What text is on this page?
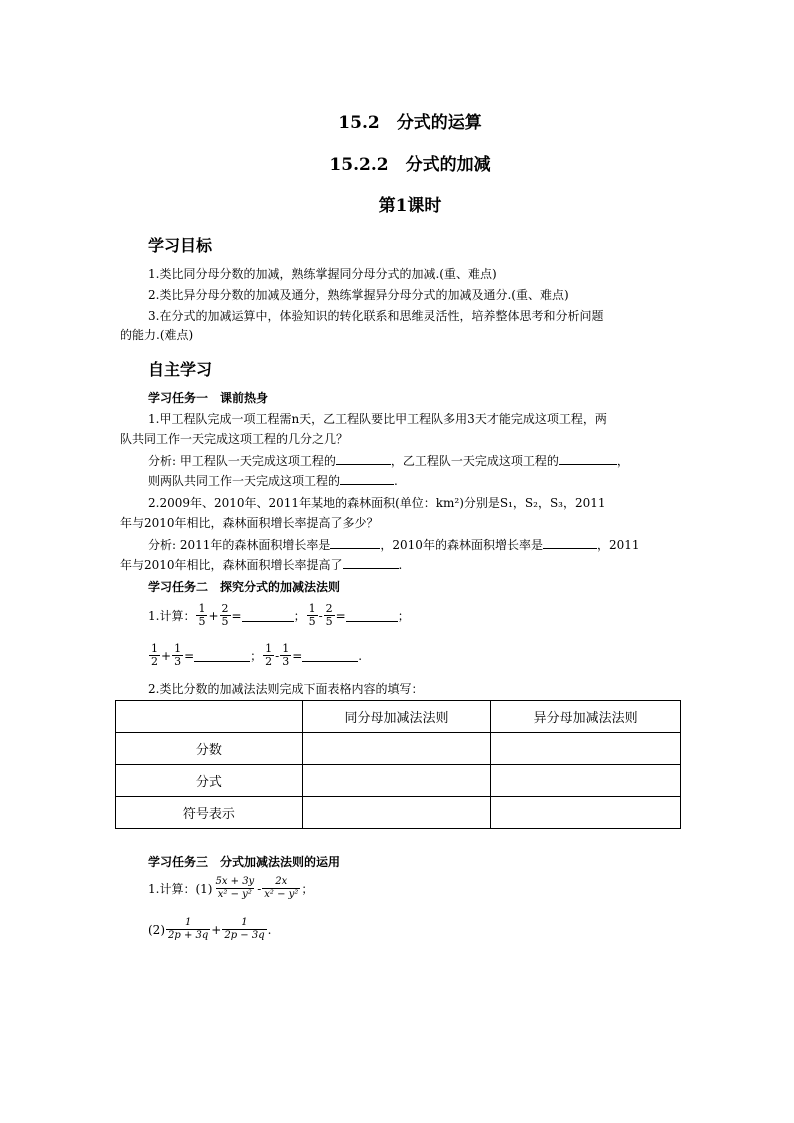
15.2　分式的运算
15.2.2　分式的加减
第1课时
学习目标
1.类比同分母分数的加减，熟练掌握同分母分式的加减.(重、难点)
2.类比异分母分数的加减及通分，熟练掌握异分母分式的加减及通分.(重、难点)
3.在分式的加减运算中，体验知识的转化联系和思维灵活性，培养整体思考和分析问题
的能力.(难点)
自主学习
学习任务一　课前热身
1.甲工程队完成一项工程需n天，乙工程队要比甲工程队多用3天才能完成这项工程，两
队共同工作一天完成这项工程的几分之几？
分析: 甲工程队一天完成这项工程的	，乙工程队一天完成这项工程的	，
则两队共同工作一天完成这项工程的	.
2.2009年、2010年、2011年某地的森林面积(单位：km²)分别是S₁，S₂，S₃，2011
年与2010年相比，森林面积增长率提高了多少？
分析: 2011年的森林面积增长率是	，2010年的森林面积增长率是	，2011
年与2010年相比，森林面积增长率提高了	.
学习任务二　探究分式的加减法法则
1.计算： $\frac{1}{5} + \frac{2}{5}$ =	； $\frac{1}{5} - \frac{2}{5}$ =	；
$\frac{1}{2} + \frac{1}{3}$ =	； $\frac{1}{2} - \frac{1}{3}$ =	.
2.类比分数的加减法法则完成下面表格内容的填写：
	同分母加减法法则	异分母加减法法则
分数		
分式		
符号表示		
学习任务三　分式加减法法则的运用
1.计算：$(1) \frac{5x + 3y}{\text{x² − y²}} - \frac{2x}{\text{x² − y²}}$ ；
$(2) \frac{1}{2p + 3q} + \frac{1}{2p - 3q}$ .
